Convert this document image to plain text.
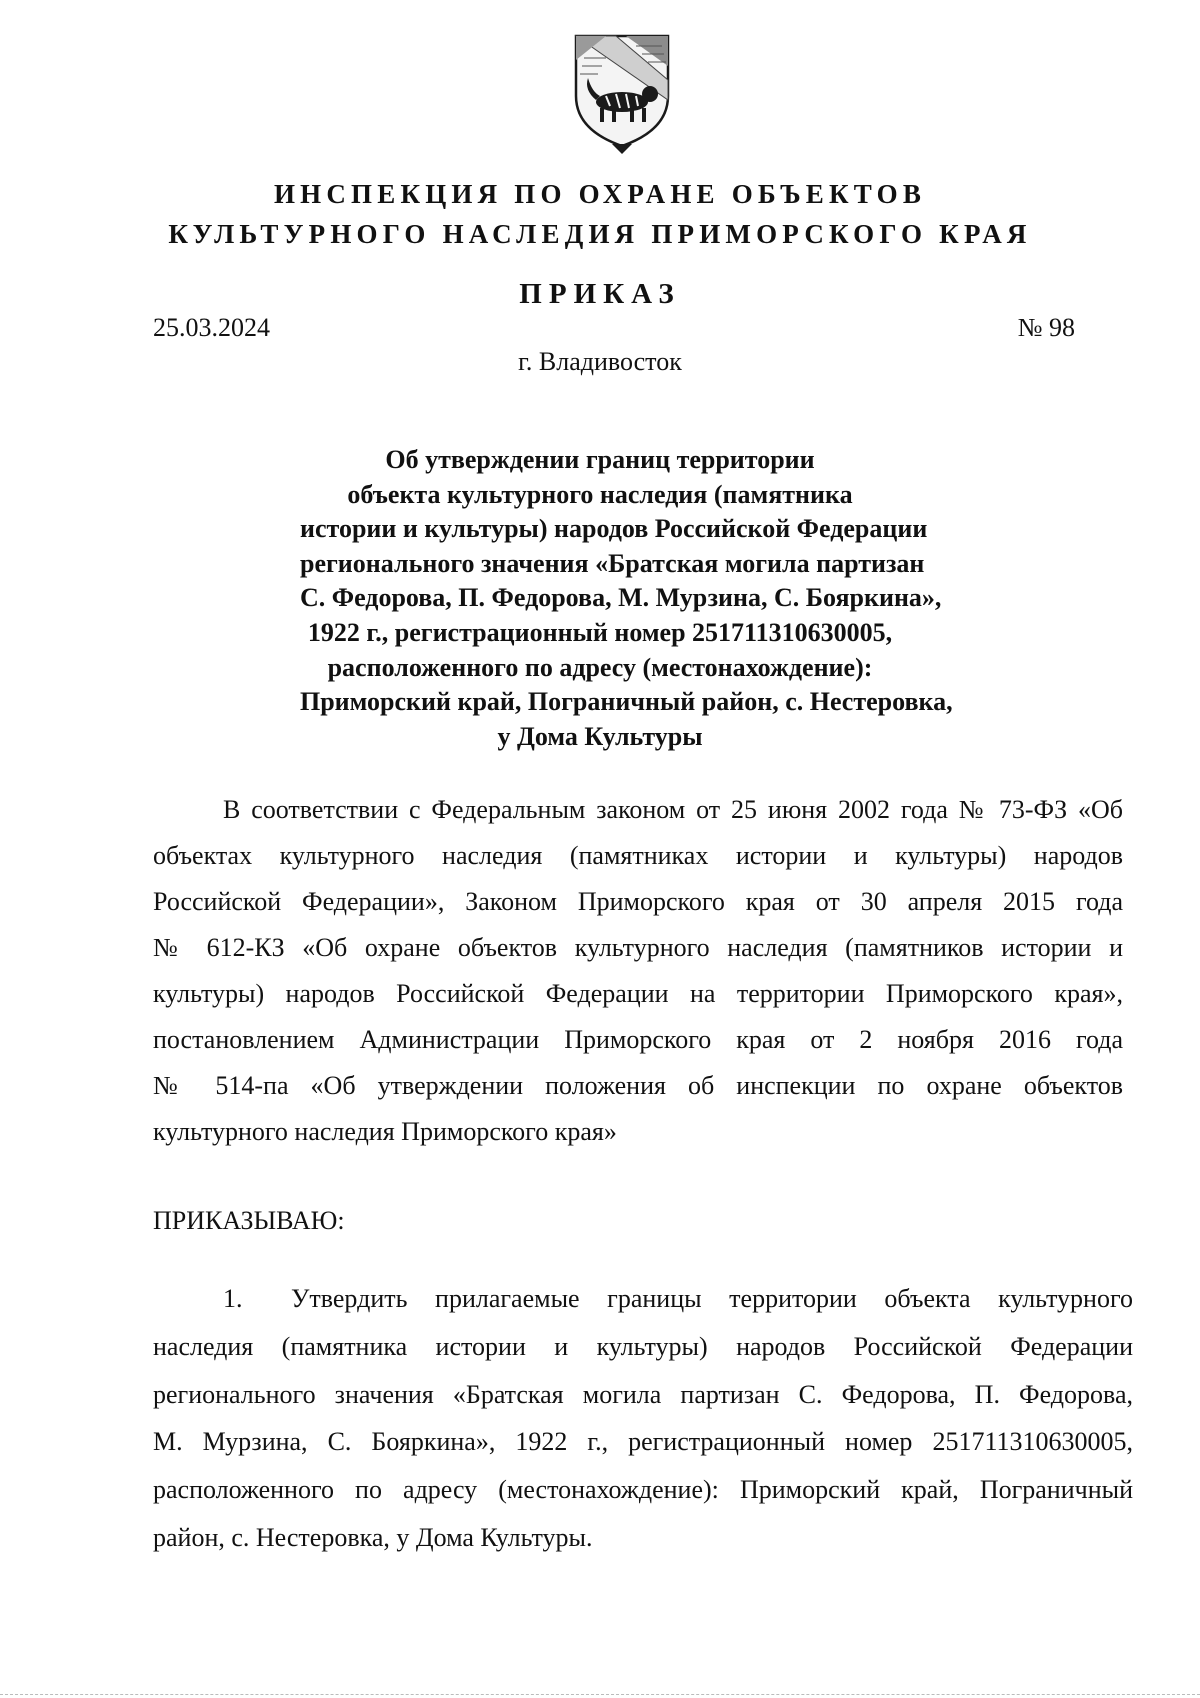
ИНСПЕКЦИЯ ПО ОХРАНЕ ОБЪЕКТОВ
КУЛЬТУРНОГО НАСЛЕДИЯ ПРИМОРСКОГО КРАЯ
ПРИКАЗ
25.03.2024	№ 98
г. Владивосток
Об утверждении границ территории
объекта культурного наследия (памятника
истории и культуры) народов Российской Федерации
регионального значения «Братская могила партизан
С. Федорова, П. Федорова, М. Мурзина, С. Бояркина»,
1922 г., регистрационный номер 251711310630005,
расположенного по адресу (местонахождение):
Приморский край, Пограничный район, с. Нестеровка,
у Дома Культуры
В соответствии с Федеральным законом от 25 июня 2002 года № 73-ФЗ «Об
объектах культурного наследия (памятниках истории и культуры) народов
Российской Федерации», Законом Приморского края от 30 апреля 2015 года
№ 612-КЗ «Об охране объектов культурного наследия (памятников истории и
культуры) народов Российской Федерации на территории Приморского края»,
постановлением Администрации Приморского края от 2 ноября 2016 года
№ 514-па «Об утверждении положения об инспекции по охране объектов
культурного наследия Приморского края»
ПРИКАЗЫВАЮ:
1. Утвердить прилагаемые границы территории объекта культурного
наследия (памятника истории и культуры) народов Российской Федерации
регионального значения «Братская могила партизан С. Федорова, П. Федорова,
М. Мурзина, С. Бояркина», 1922 г., регистрационный номер 251711310630005,
расположенного по адресу (местонахождение): Приморский край, Пограничный
район, с. Нестеровка, у Дома Культуры.
